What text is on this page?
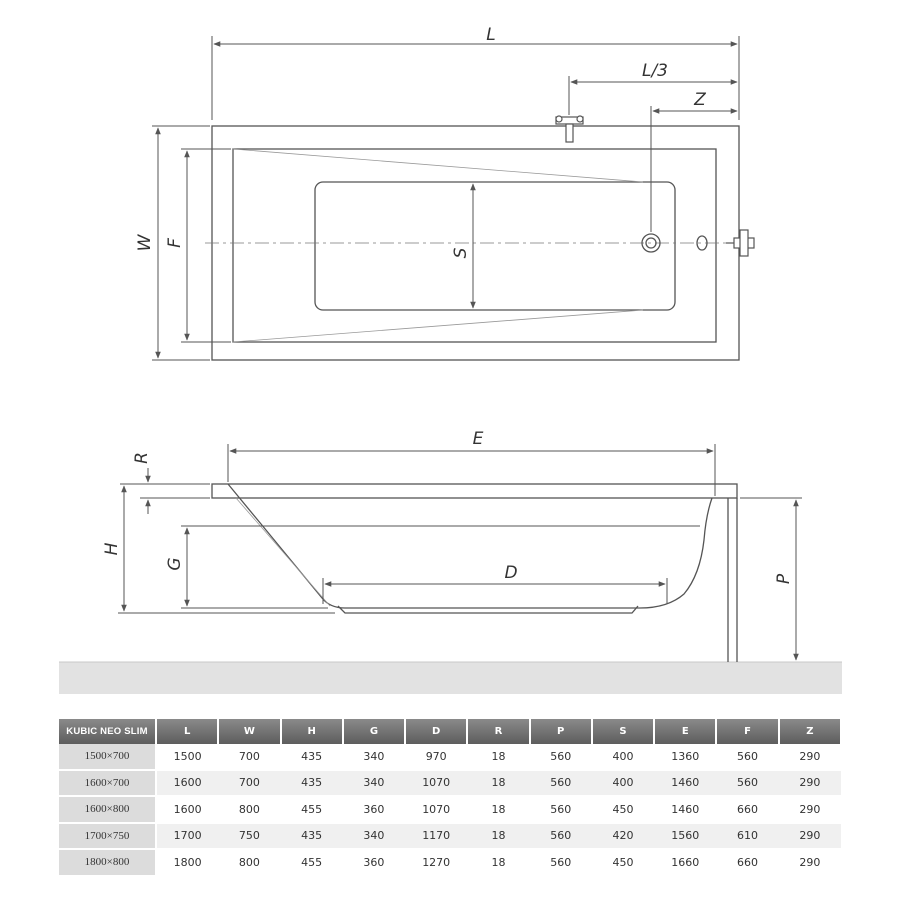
L
L/3
Z
W F
S
E
R
H
G	D	P
KUBIC NEO SLIM	L	W	H	G	D	R	P	S	E	F	Z
1500×700	1500	700	435	340	970	18	560	400	1360	560	290
1600×700	1600	700	435	340	1070	18	560	400	1460	560	290
1600×800	1600	800	455	360	1070	18	560	450	1460	660	290
1700×750	1700	750	435	340	1170	18	560	420	1560	610	290
1800×800	1800	800	455	360	1270	18	560	450	1660	660	290
